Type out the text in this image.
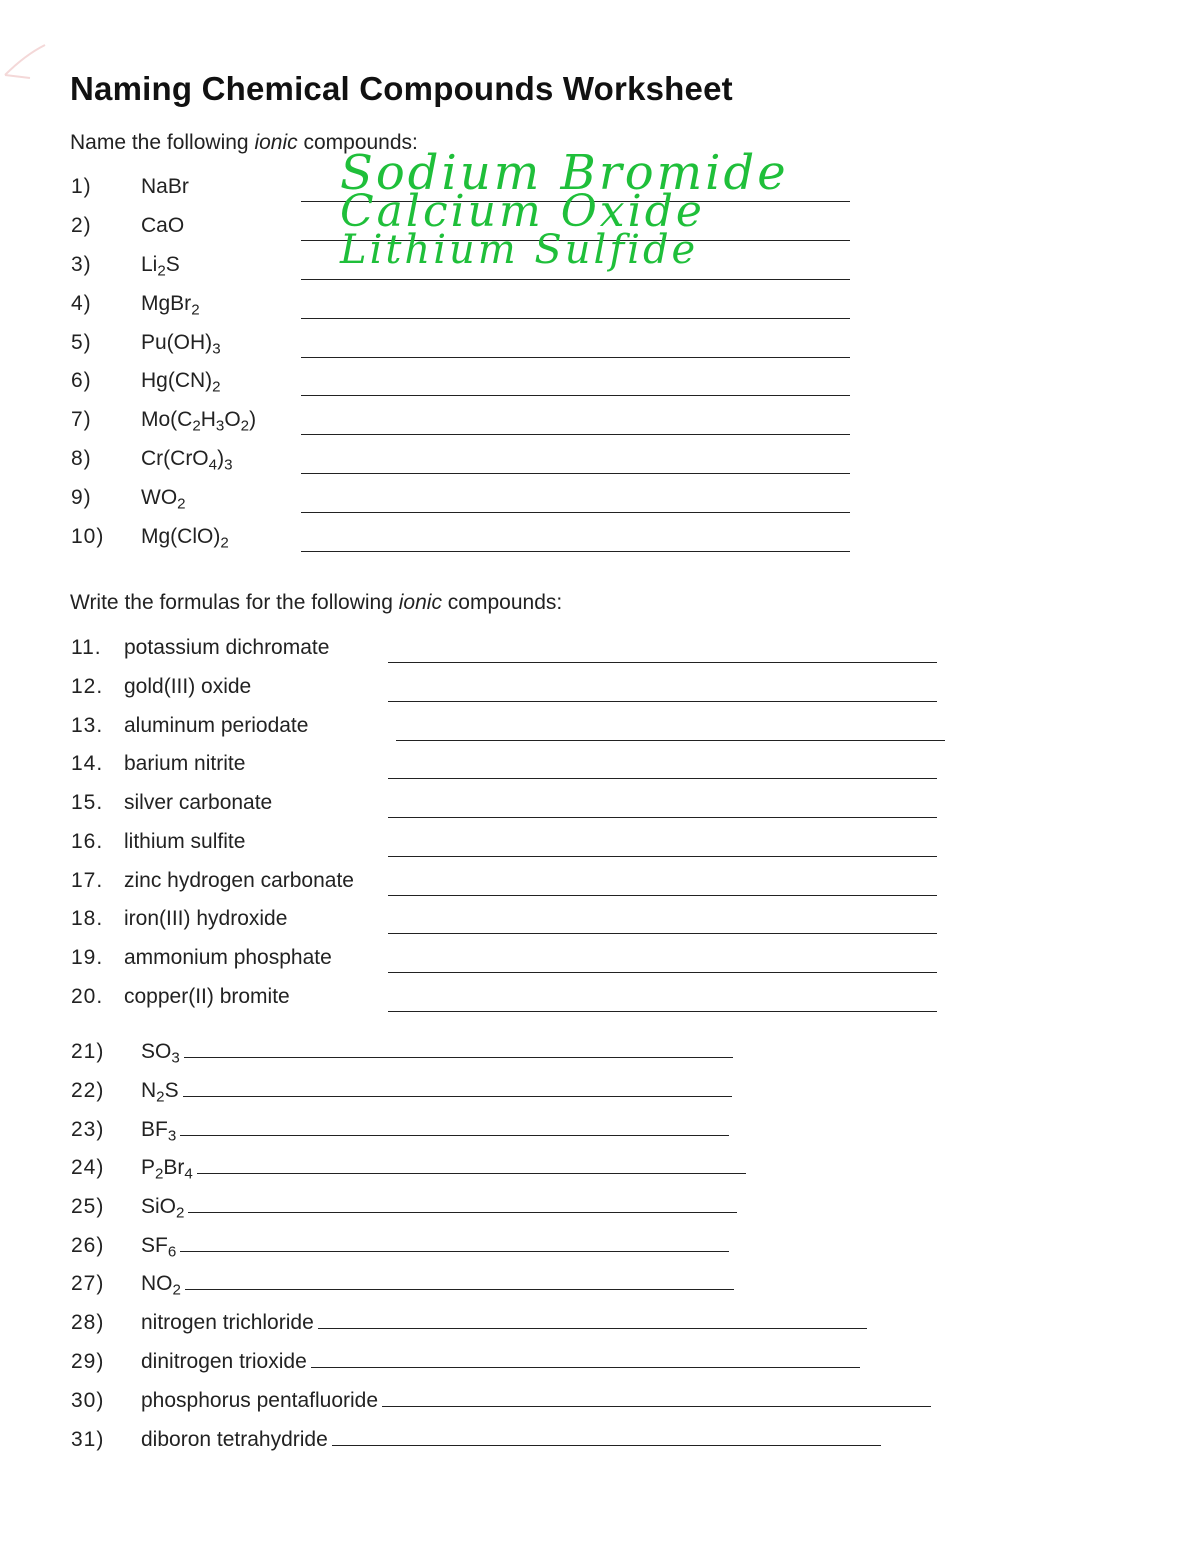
Naming Chemical Compounds Worksheet
Name the following ionic compounds:
1) NaBr	Sodium Bromide
2) CaO	Calcium Oxide
3) $Li_2S$	Lithium Sulfide
4) MgBr$_2$
5) $Pu(OH)_3$
6) $Hg(CN)_2$
7) $Mo(C_2H_3O_2)$
8) $Cr(CrO_4)_3$
9) $WO_2$
10) $Mg(ClO)_2$
Write the formulas for the following ionic compounds:
11. potassium dichromate
12. gold(III) oxide
13. aluminum periodate
14. barium nitrite
15. silver carbonate
16. lithium sulfite
17. zinc hydrogen carbonate
18. iron(III) hydroxide
19. ammonium phosphate
20. copper(II) bromite
21) $SO_3$
22) $N_2S$
23) $BF_3$
24) $P_2Br_4$
25) SiO$_2$
26) $SF_6$
27) $NO_2$
28) nitrogen trichloride
29) dinitrogen trioxide
30) phosphorus pentafluoride
31) diboron tetrahydride
